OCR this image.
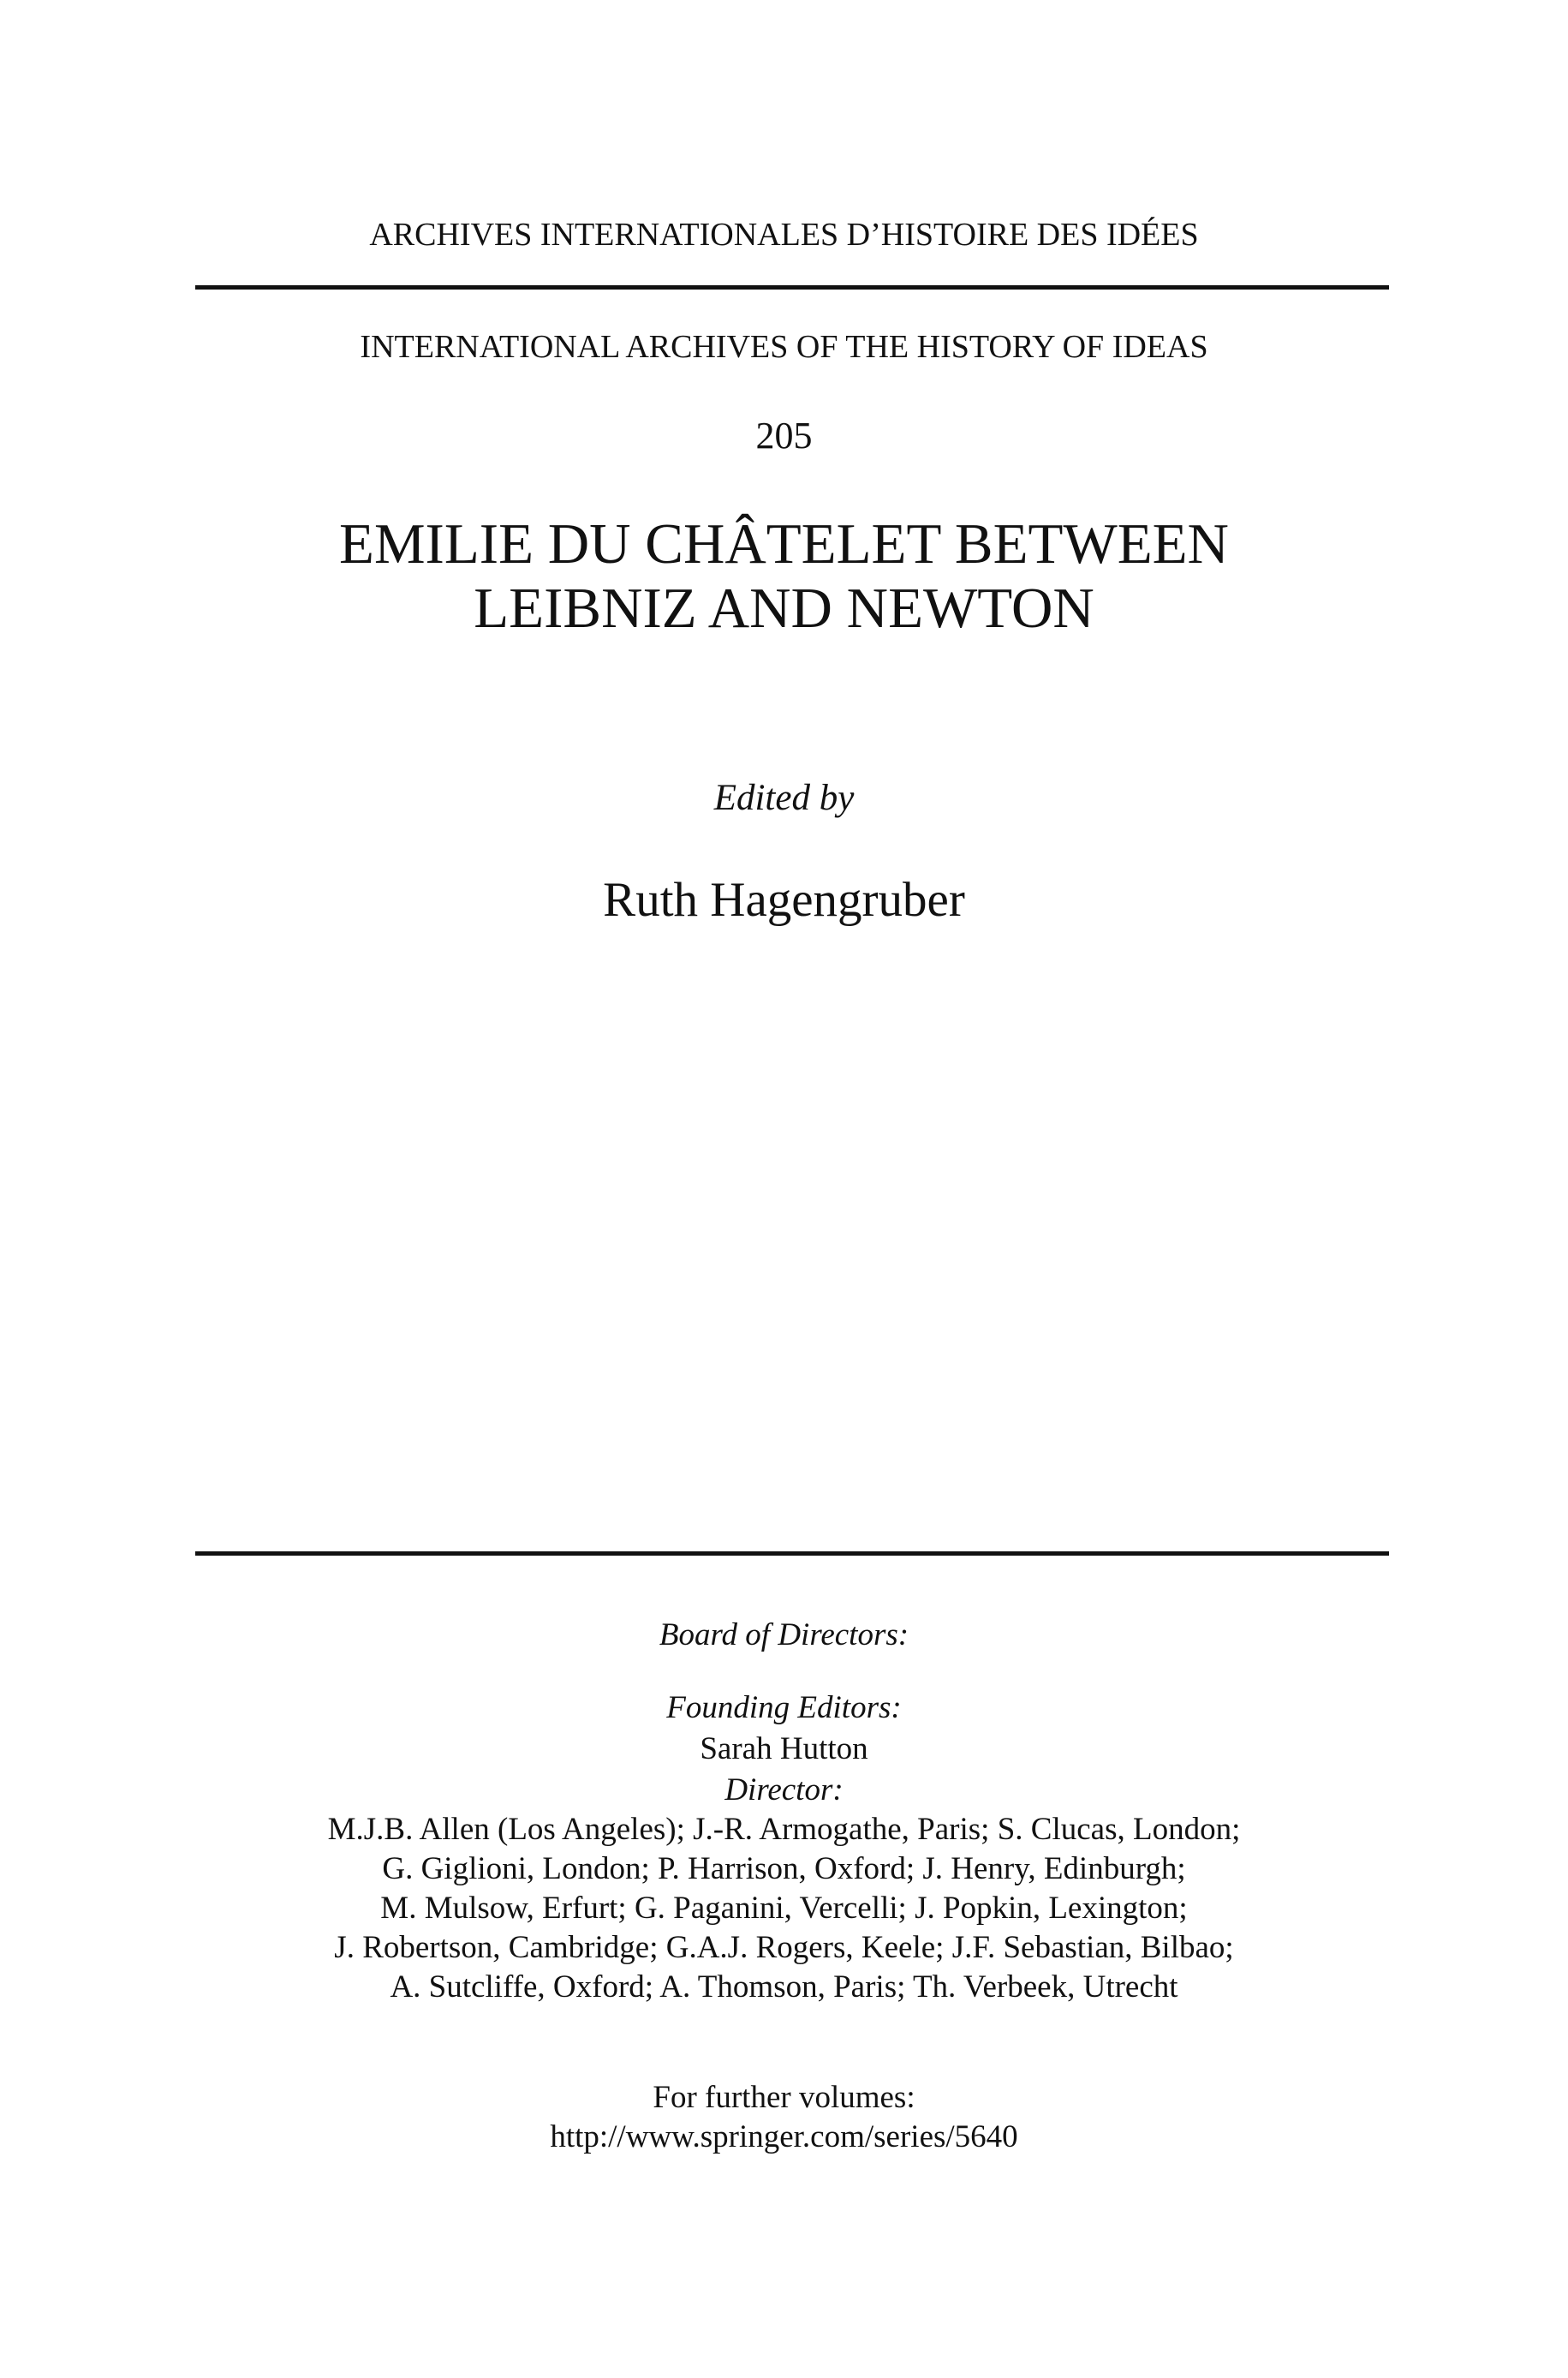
ARCHIVES INTERNATIONALES D’HISTOIRE DES IDÉES
INTERNATIONAL ARCHIVES OF THE HISTORY OF IDEAS
205
EMILIE DU CHÂTELET BETWEEN
LEIBNIZ AND NEWTON
Edited by
Ruth Hagengruber
Board of Directors:
Founding Editors:
Sarah Hutton
Director:
M.J.B. Allen (Los Angeles); J.-R. Armogathe, Paris; S. Clucas, London;
G. Giglioni, London; P. Harrison, Oxford; J. Henry, Edinburgh;
M. Mulsow, Erfurt; G. Paganini, Vercelli; J. Popkin, Lexington;
J. Robertson, Cambridge; G.A.J. Rogers, Keele; J.F. Sebastian, Bilbao;
A. Sutcliffe, Oxford; A. Thomson, Paris; Th. Verbeek, Utrecht
For further volumes:
http://www.springer.com/series/5640
